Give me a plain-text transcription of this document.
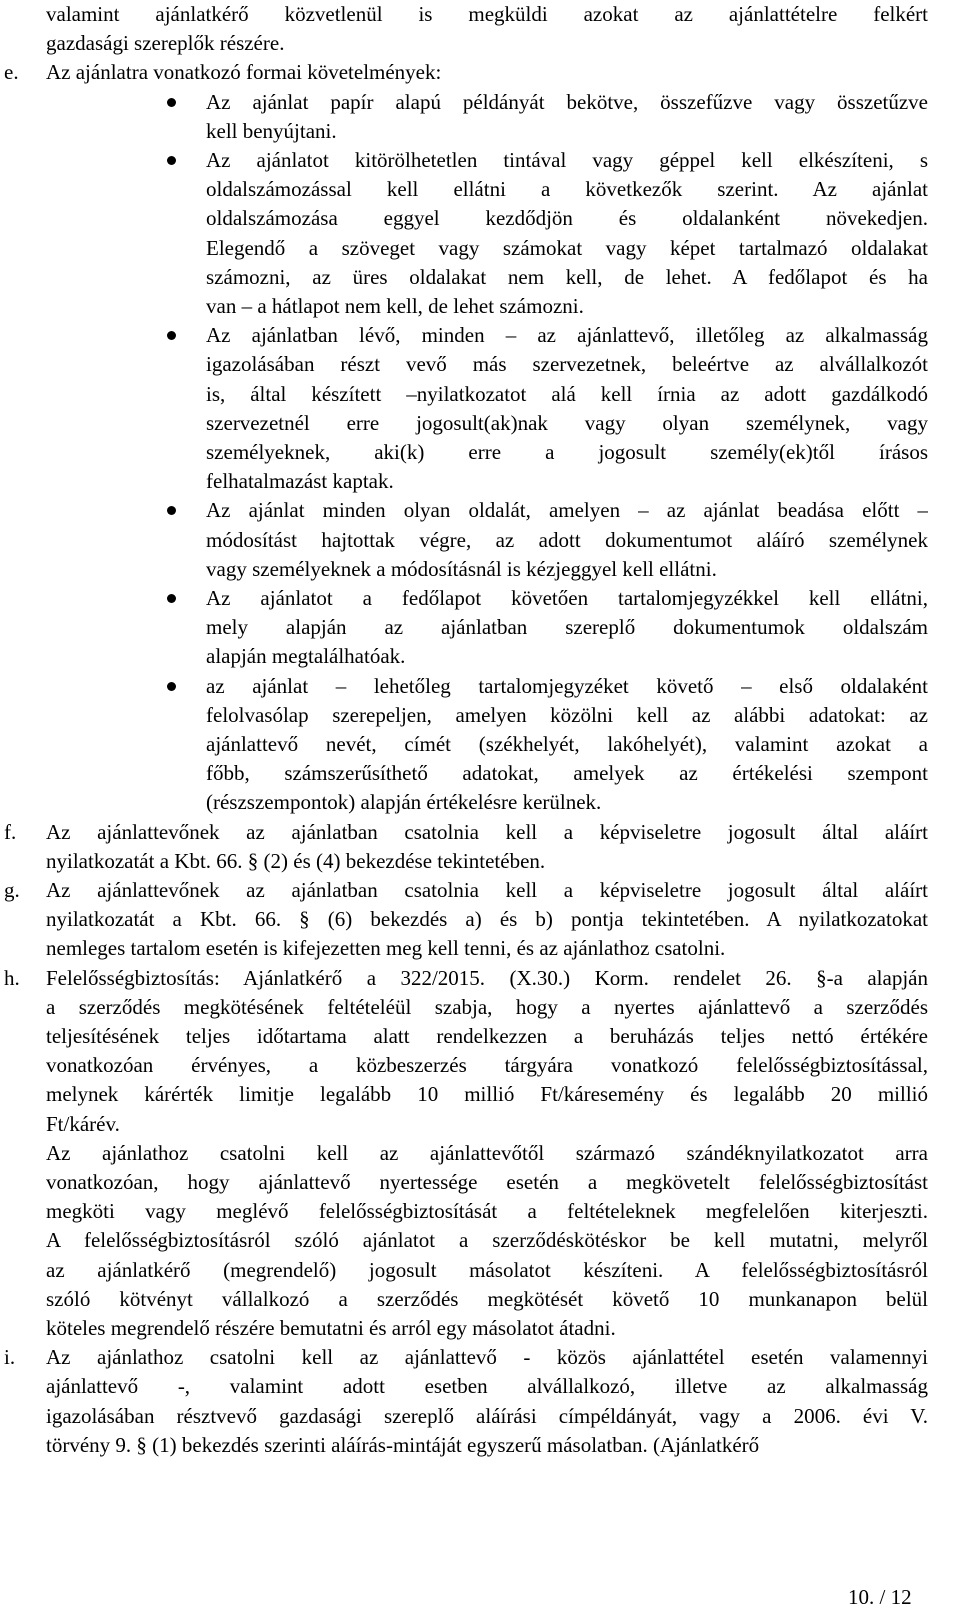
valamint ajánlatkérő közvetlenül is megküldi azokat az ajánlattételre felkért
gazdasági szereplők részére.
e. Az ajánlatra vonatkozó formai követelmények:
Az ajánlat papír alapú példányát bekötve, összefűzve vagy összetűzve
kell benyújtani.
Az ajánlatot kitörölhetetlen tintával vagy géppel kell elkészíteni, s
oldalszámozással kell ellátni a következők szerint. Az ajánlat
oldalszámozása eggyel kezdődjön és oldalanként növekedjen.
Elegendő a szöveget vagy számokat vagy képet tartalmazó oldalakat
számozni, az üres oldalakat nem kell, de lehet. A fedőlapot és ha
van – a hátlapot nem kell, de lehet számozni.
Az ajánlatban lévő, minden – az ajánlattevő, illetőleg az alkalmasság
igazolásában részt vevő más szervezetnek, beleértve az alvállalkozót
is, által készített –nyilatkozatot alá kell írnia az adott gazdálkodó
szervezetnél erre jogosult(ak)nak vagy olyan személynek, vagy
személyeknek, aki(k) erre a jogosult személy(ek)től írásos
felhatalmazást kaptak.
Az ajánlat minden olyan oldalát, amelyen – az ajánlat beadása előtt –
módosítást hajtottak végre, az adott dokumentumot aláíró személynek
vagy személyeknek a módosításnál is kézjeggyel kell ellátni.
Az ajánlatot a fedőlapot követően tartalomjegyzékkel kell ellátni,
mely alapján az ajánlatban szereplő dokumentumok oldalszám
alapján megtalálhatóak.
az ajánlat – lehetőleg tartalomjegyzéket követő – első oldalaként
felolvasólap szerepeljen, amelyen közölni kell az alábbi adatokat: az
ajánlattevő nevét, címét (székhelyét, lakóhelyét), valamint azokat a
főbb, számszerűsíthető adatokat, amelyek az értékelési szempont
(részszempontok) alapján értékelésre kerülnek.
f. Az ajánlattevőnek az ajánlatban csatolnia kell a képviseletre jogosult által aláírt
nyilatkozatát a Kbt. 66. § (2) és (4) bekezdése tekintetében.
g. Az ajánlattevőnek az ajánlatban csatolnia kell a képviseletre jogosult által aláírt
nyilatkozatát a Kbt. 66. § (6) bekezdés a) és b) pontja tekintetében. A nyilatkozatokat
nemleges tartalom esetén is kifejezetten meg kell tenni, és az ajánlathoz csatolni.
h. Felelősségbiztosítás: Ajánlatkérő a 322/2015. (X.30.) Korm. rendelet 26. §-a alapján
a szerződés megkötésének feltételéül szabja, hogy a nyertes ajánlattevő a szerződés
teljesítésének teljes időtartama alatt rendelkezzen a beruházás teljes nettó értékére
vonatkozóan érvényes, a közbeszerzés tárgyára vonatkozó felelősségbiztosítással,
melynek kárérték limitje legalább 10 millió Ft/káresemény és legalább 20 millió
Ft/kárév.
Az ajánlathoz csatolni kell az ajánlattevőtől származó szándéknyilatkozatot arra
vonatkozóan, hogy ajánlattevő nyertessége esetén a megkövetelt felelősségbiztosítást
megköti vagy meglévő felelősségbiztosítását a feltételeknek megfelelően kiterjeszti.
A felelősségbiztosításról szóló ajánlatot a szerződéskötéskor be kell mutatni, melyről
az ajánlatkérő (megrendelő) jogosult másolatot készíteni. A felelősségbiztosításról
szóló kötvényt vállalkozó a szerződés megkötését követő 10 munkanapon belül
köteles megrendelő részére bemutatni és arról egy másolatot átadni.
i. Az ajánlathoz csatolni kell az ajánlattevő - közös ajánlattétel esetén valamennyi
ajánlattevő -, valamint adott esetben alvállalkozó, illetve az alkalmasság
igazolásában résztvevő gazdasági szereplő aláírási címpéldányát, vagy a 2006. évi V.
törvény 9. § (1) bekezdés szerinti aláírás-mintáját egyszerű másolatban. (Ajánlatkérő
10. / 12
